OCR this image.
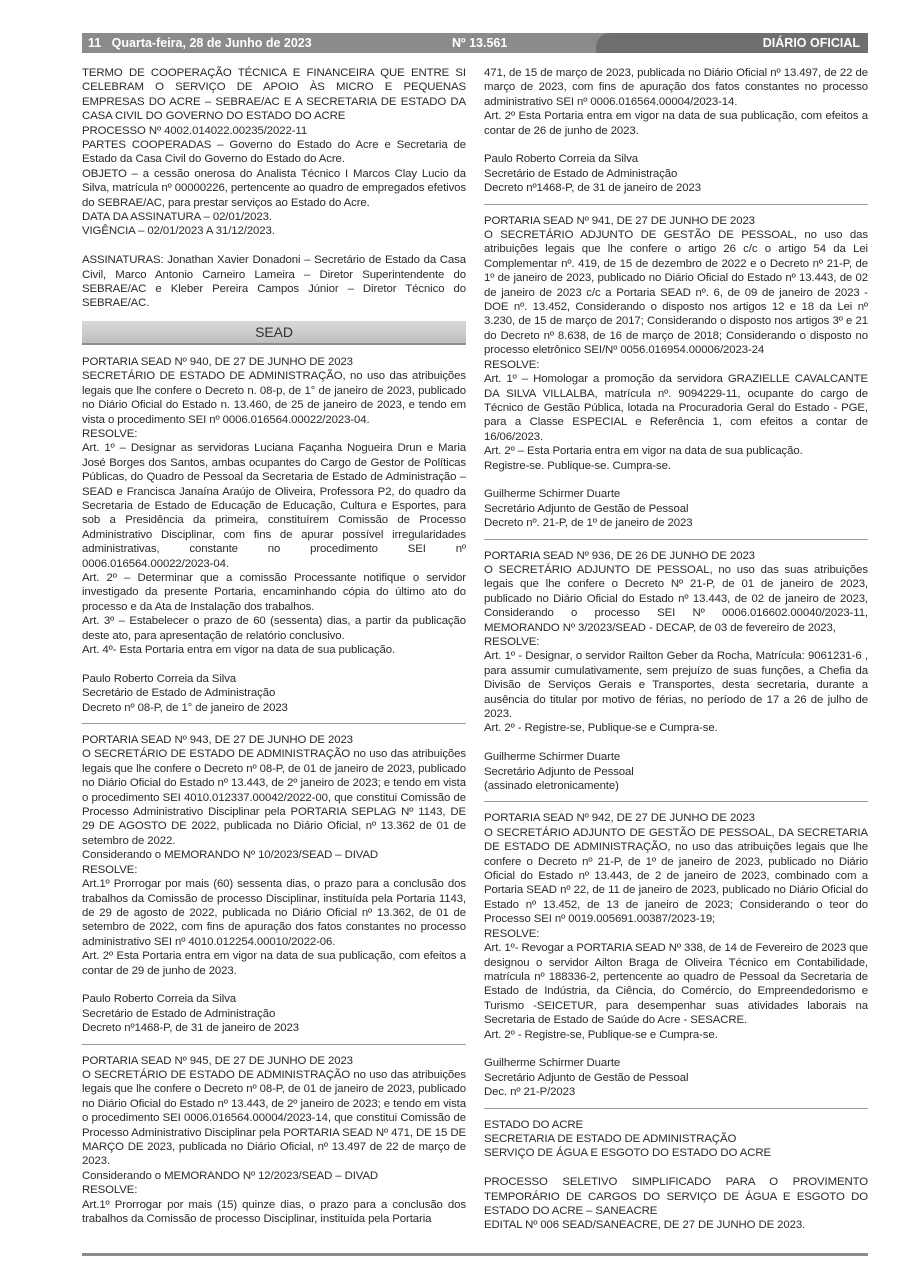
11 Quarta-feira, 28 de Junho de 2023	Nº 13.561	DIÁRIO OFICIAL

TERMO DE COOPERAÇÃO TÉCNICA E FINANCEIRA QUE ENTRE SI CELEBRAM O SERVIÇO DE APOIO ÀS MICRO E PEQUENAS EMPRESAS DO ACRE – SEBRAE/AC E A SECRETARIA DE ESTADO DA CASA CIVIL DO GOVERNO DO ESTADO DO ACRE

PROCESSO Nº 4002.014022.00235/2022-11

PARTES COOPERADAS – Governo do Estado do Acre e Secretaria de Estado da Casa Civil do Governo do Estado do Acre.

OBJETO – a cessão onerosa do Analista Técnico I Marcos Clay Lucio da Silva, matrícula nº 00000226, pertencente ao quadro de empregados efetivos do SEBRAE/AC, para prestar serviços ao Estado do Acre.

DATA DA ASSINATURA – 02/01/2023.

VIGÊNCIA – 02/01/2023 A 31/12/2023.

ASSINATURAS: Jonathan Xavier Donadoni – Secretário de Estado da Casa Civil, Marco Antonio Carneiro Lameira – Diretor Superintendente do SEBRAE/AC e Kleber Pereira Campos Júnior – Diretor Técnico do SEBRAE/AC.

SEAD

PORTARIA SEAD Nº 940, DE 27 DE JUNHO DE 2023

SECRETÁRIO DE ESTADO DE ADMINISTRAÇÃO, no uso das atribuições legais que lhe confere o Decreto n. 08-p, de 1° de janeiro de 2023, publicado no Diário Oficial do Estado n. 13.460, de 25 de janeiro de 2023, e tendo em vista o procedimento SEI nº 0006.016564.00022/2023-04.

RESOLVE:

Art. 1º – Designar as servidoras Luciana Façanha Nogueira Drun e Maria José Borges dos Santos, ambas ocupantes do Cargo de Gestor de Políticas Públicas, do Quadro de Pessoal da Secretaria de Estado de Administração – SEAD e Francisca Janaína Araújo de Oliveira, Professora P2, do quadro da Secretaria de Estado de Educação de Educação, Cultura e Esportes, para sob a Presidência da primeira, constituírem Comissão de Processo Administrativo Disciplinar, com fins de apurar possível irregularidades administrativas, constante no procedimento SEI nº 0006.016564.00022/2023-04.

Art. 2º – Determinar que a comissão Processante notifique o servidor investigado da presente Portaria, encaminhando cópia do último ato do processo e da Ata de Instalação dos trabalhos.

Art. 3º – Estabelecer o prazo de 60 (sessenta) dias, a partir da publicação deste ato, para apresentação de relatório conclusivo.

Art. 4º- Esta Portaria entra em vigor na data de sua publicação.

Paulo Roberto Correia da Silva

Secretário de Estado de Administração

Decreto nº 08-P, de 1° de janeiro de 2023

PORTARIA SEAD Nº 943, DE 27 DE JUNHO DE 2023

O SECRETÁRIO DE ESTADO DE ADMINISTRAÇÃO no uso das atribuições legais que lhe confere o Decreto nº 08-P, de 01 de janeiro de 2023, publicado no Diário Oficial do Estado nº 13.443, de 2º janeiro de 2023; e tendo em vista o procedimento SEI 4010.012337.00042/2022-00, que constitui Comissão de Processo Administrativo Disciplinar pela PORTARIA SEPLAG Nº 1143, DE 29 DE AGOSTO DE 2022, publicada no Diário Oficial, nº 13.362 de 01 de setembro de 2022.

Considerando o MEMORANDO Nº 10/2023/SEAD – DIVAD

RESOLVE:

Art.1º Prorrogar por mais (60) sessenta dias, o prazo para a conclusão dos trabalhos da Comissão de processo Disciplinar, instituída pela Portaria 1143, de 29 de agosto de 2022, publicada no Diário Oficial nº 13.362, de 01 de setembro de 2022, com fins de apuração dos fatos constantes no processo administrativo SEI nº 4010.012254.00010/2022-06.

Art. 2º Esta Portaria entra em vigor na data de sua publicação, com efeitos a contar de 29 de junho de 2023.

Paulo Roberto Correia da Silva

Secretário de Estado de Administração

Decreto nº1468-P, de 31 de janeiro de 2023

PORTARIA SEAD Nº 945, DE 27 DE JUNHO DE 2023

O SECRETÁRIO DE ESTADO DE ADMINISTRAÇÃO no uso das atribuições legais que lhe confere o Decreto nº 08-P, de 01 de janeiro de 2023, publicado no Diário Oficial do Estado nº 13.443, de 2º janeiro de 2023; e tendo em vista o procedimento SEI 0006.016564.00004/2023-14, que constitui Comissão de Processo Administrativo Disciplinar pela PORTARIA SEAD Nº 471, DE 15 DE MARÇO DE 2023, publicada no Diário Oficial, nº 13.497 de 22 de março de 2023.

Considerando o MEMORANDO Nº 12/2023/SEAD – DIVAD

RESOLVE:

Art.1º Prorrogar por mais (15) quinze dias, o prazo para a conclusão dos trabalhos da Comissão de processo Disciplinar, instituída pela Portaria

471, de 15 de março de 2023, publicada no Diário Oficial nº 13.497, de 22 de março de 2023, com fins de apuração dos fatos constantes no processo administrativo SEI nº 0006.016564.00004/2023-14.

Art. 2º Esta Portaria entra em vigor na data de sua publicação, com efeitos a contar de 26 de junho de 2023.

Paulo Roberto Correia da Silva

Secretário de Estado de Administração

Decreto nº1468-P, de 31 de janeiro de 2023

PORTARIA SEAD Nº 941, DE 27 DE JUNHO DE 2023

O SECRETÁRIO ADJUNTO DE GESTÃO DE PESSOAL, no uso das atribuições legais que lhe confere o artigo 26 c/c o artigo 54 da Lei Complementar nº. 419, de 15 de dezembro de 2022 e o Decreto nº 21-P, de 1º de janeiro de 2023, publicado no Diário Oficial do Estado nº 13.443, de 02 de janeiro de 2023 c/c a Portaria SEAD nº. 6, de 09 de janeiro de 2023 - DOE nº. 13.452, Considerando o disposto nos artigos 12 e 18 da Lei nº 3.230, de 15 de março de 2017; Considerando o disposto nos artigos 3º e 21 do Decreto nº 8.638, de 16 de março de 2018; Considerando o disposto no processo eletrônico SEI/Nº 0056.016954.00006/2023-24

RESOLVE:

Art. 1º – Homologar a promoção da servidora GRAZIELLE CAVALCANTE DA SILVA VILLALBA, matrícula nº. 9094229-11, ocupante do cargo de Técnico de Gestão Pública, lotada na Procuradoria Geral do Estado - PGE, para a Classe ESPECIAL e Referência 1, com efeitos a contar de 16/06/2023.

Art. 2º – Esta Portaria entra em vigor na data de sua publicação.

Registre-se. Publique-se. Cumpra-se.

Guilherme Schirmer Duarte

Secretário Adjunto de Gestão de Pessoal

Decreto nº. 21-P, de 1º de janeiro de 2023

PORTARIA SEAD Nº 936, DE 26 DE JUNHO DE 2023

O SECRETÁRIO ADJUNTO DE PESSOAL, no uso das suas atribuições legais que lhe confere o Decreto Nº 21-P, de 01 de janeiro de 2023, publicado no Diário Oficial do Estado nº 13.443, de 02 de janeiro de 2023, Considerando o processo SEI Nº 0006.016602.00040/2023-11, MEMORANDO Nº 3/2023/SEAD - DECAP, de 03 de fevereiro de 2023,

RESOLVE:

Art. 1º - Designar, o servidor Railton Geber da Rocha, Matrícula: 9061231-6 , para assumir cumulativamente, sem prejuízo de suas funções, a Chefia da Divisão de Serviços Gerais e Transportes, desta secretaria, durante a ausência do titular por motivo de férias, no período de 17 a 26 de julho de 2023.

Art. 2º - Registre-se, Publique-se e Cumpra-se.

Guilherme Schirmer Duarte

Secretário Adjunto de Pessoal

(assinado eletronicamente)

PORTARIA SEAD Nº 942, DE 27 DE JUNHO DE 2023

O SECRETÁRIO ADJUNTO DE GESTÃO DE PESSOAL, DA SECRETARIA DE ESTADO DE ADMINISTRAÇÃO, no uso das atribuições legais que lhe confere o Decreto nº 21-P, de 1º de janeiro de 2023, publicado no Diário Oficial do Estado nº 13.443, de 2 de janeiro de 2023, combinado com a Portaria SEAD nº 22, de 11 de janeiro de 2023, publicado no Diário Oficial do Estado nº 13.452, de 13 de janeiro de 2023; Considerando o teor do Processo SEI nº 0019.005691.00387/2023-19;

RESOLVE:

Art. 1º- Revogar a PORTARIA SEAD Nº 338, de 14 de Fevereiro de 2023 que designou o servidor Ailton Braga de Oliveira Técnico em Contabilidade, matrícula nº 188336-2, pertencente ao quadro de Pessoal da Secretaria de Estado de Indústria, da Ciência, do Comércio, do Empreendedorismo e Turismo -SEICETUR, para desempenhar suas atividades laborais na Secretaria de Estado de Saúde do Acre - SESACRE.

Art. 2º - Registre-se, Publique-se e Cumpra-se.

Guilherme Schirmer Duarte

Secretário Adjunto de Gestão de Pessoal

Dec. nº 21-P/2023

ESTADO DO ACRE

SECRETARIA DE ESTADO DE ADMINISTRAÇÃO

SERVIÇO DE ÁGUA E ESGOTO DO ESTADO DO ACRE

PROCESSO SELETIVO SIMPLIFICADO PARA O PROVIMENTO TEMPORÁRIO DE CARGOS DO SERVIÇO DE ÁGUA E ESGOTO DO ESTADO DO ACRE – SANEACRE

EDITAL Nº 006 SEAD/SANEACRE, DE 27 DE JUNHO DE 2023.
